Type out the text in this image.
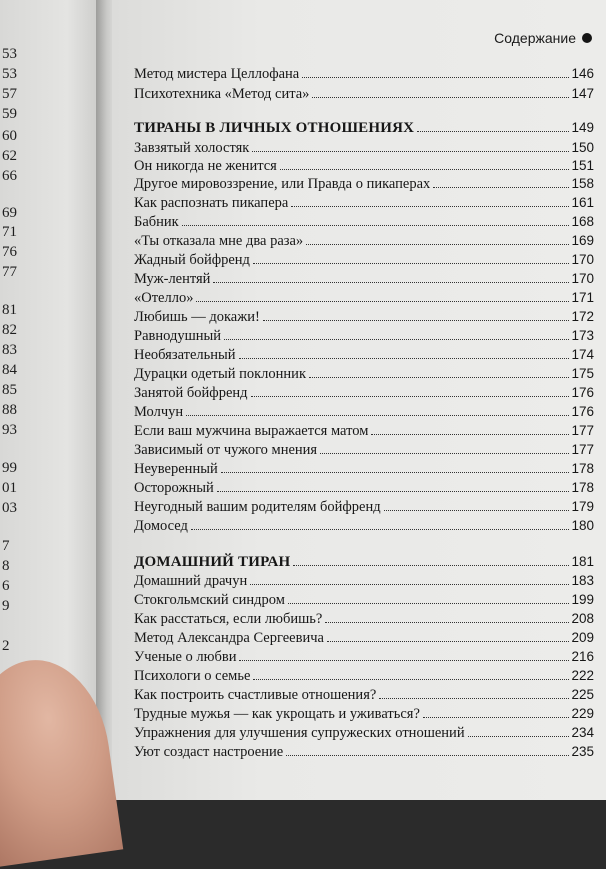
53
53
57
59
60
62
66
69
71
76
77
81
82
83
84
85
88
93
99
01
03
7
8
6
9
2
Содержание
Метод мистера Целлофана	146
Психотехника «Метод сита»	147
ТИРАНЫ В ЛИЧНЫХ ОТНОШЕНИЯХ	149
Завзятый холостяк	150
Он никогда не женится	151
Другое мировоззрение, или Правда о пикаперах	158
Как распознать пикапера	161
Бабник	168
«Ты отказала мне два раза»	169
Жадный бойфренд	170
Муж-лентяй	170
«Отелло»	171
Любишь — докажи!	172
Равнодушный	173
Необязательный	174
Дурацки одетый поклонник	175
Занятой бойфренд	176
Молчун	176
Если ваш мужчина выражается матом	177
Зависимый от чужого мнения	177
Неуверенный	178
Осторожный	178
Неугодный вашим родителям бойфренд	179
Домосед	180
ДОМАШНИЙ ТИРАН	181
Домашний драчун	183
Стокгольмский синдром	199
Как расстаться, если любишь?	208
Метод Александра Сергеевича	209
Ученые о любви	216
Психологи о семье	222
Как построить счастливые отношения?	225
Трудные мужья — как укрощать и уживаться?	229
Упражнения для улучшения супружеских отношений	234
Уют создаст настроение	235
